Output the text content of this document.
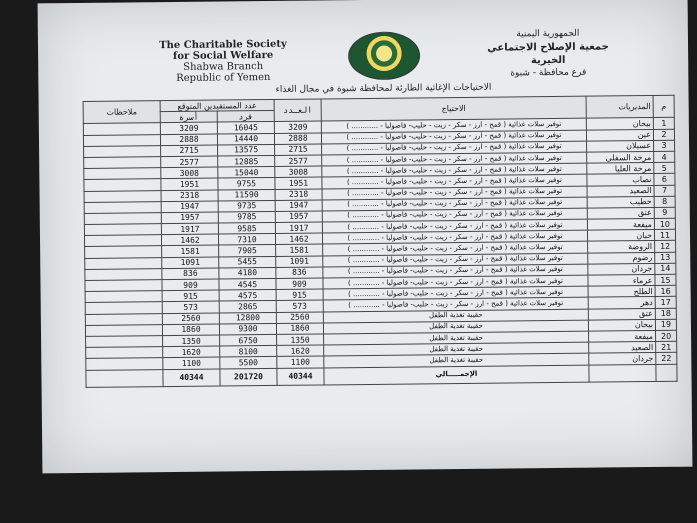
The Charitable Society
for Social Welfare
Shabwa Branch
Republic of Yemen
الجمهورية اليمنية
جمعية الإصلاح الاجتماعي الخيرية
فرع محافظة - شبوة
الاحتياجات الإغاثية الطارئة لمحافظة شبوة في مجال الغذاء
م	المديريات	الاحتياج	العـدد	عدد المستفيدين المتوقع		ملاحظات
				فرد	أسرة	
1	بيحان	توفير سلات غذائية ( قمح - ارز - سكر - زيت - حليب- فاصوليا - ............ )	3209	16045	3209	
2	عين	توفير سلات غذائية ( قمح - ارز - سكر - زيت - حليب- فاصوليا - ............ )	2888	14440	2888	
3	عسيلان	توفير سلات غذائية ( قمح - ارز - سكر - زيت - حليب- فاصوليا - ............ )	2715	13575	2715	
4	مرخة السفلى	توفير سلات غذائية ( قمح - ارز - سكر - زيت - حليب- فاصوليا - ............ )	2577	12885	2577	
5	مرخة العليا	توفير سلات غذائية ( قمح - ارز - سكر - زيت - حليب- فاصوليا - ............ )	3008	15040	3008	
6	نصاب	توفير سلات غذائية ( قمح - ارز - سكر - زيت - حليب- فاصوليا - ............ )	1951	9755	1951	
7	الصعيد	توفير سلات غذائية ( قمح - ارز - سكر - زيت - حليب- فاصوليا - ............ )	2318	11590	2318	
8	حطيب	توفير سلات غذائية ( قمح - ارز - سكر - زيت - حليب- فاصوليا - ............ )	1947	9735	1947	
9	عتق	توفير سلات غذائية ( قمح - ارز - سكر - زيت - حليب- فاصوليا - ............ )	1957	9785	1957	
10	ميفعة	توفير سلات غذائية ( قمح - ارز - سكر - زيت - حليب- فاصوليا - ............ )	1917	9585	1917	
11	حبان	توفير سلات غذائية ( قمح - ارز - سكر - زيت - حليب- فاصوليا - ............ )	1462	7310	1462	
12	الروضة	توفير سلات غذائية ( قمح - ارز - سكر - زيت - حليب- فاصوليا - ............ )	1581	7905	1581	
13	رضوم	توفير سلات غذائية ( قمح - ارز - سكر - زيت - حليب- فاصوليا - ............ )	1091	5455	1091	
14	جردان	توفير سلات غذائية ( قمح - ارز - سكر - زيت - حليب- فاصوليا - ............ )	836	4180	836	
15	عرماء	توفير سلات غذائية ( قمح - ارز - سكر - زيت - حليب- فاصوليا - ............ )	909	4545	909	
16	الطلح	توفير سلات غذائية ( قمح - ارز - سكر - زيت - حليب- فاصوليا - ............ )	915	4575	915	
17	دهر	توفير سلات غذائية ( قمح - ارز - سكر - زيت - حليب- فاصوليا - ............ )	573	2865	573	
18	عتق	حقيبة تغذية الطفل	2560	12800	2560	
19	بيحان	حقيبة تغذية الطفل	1860	9300	1860	
20	ميفعة	حقيبة تغذية الطفل	1350	6750	1350	
21	الصعيد	حقيبة تغذية الطفل	1620	8100	1620	
22	جردان	حقيبة تغذية الطفل	1100	5500	1100	
		الإجمـــــالي	40344	201720	40344	
